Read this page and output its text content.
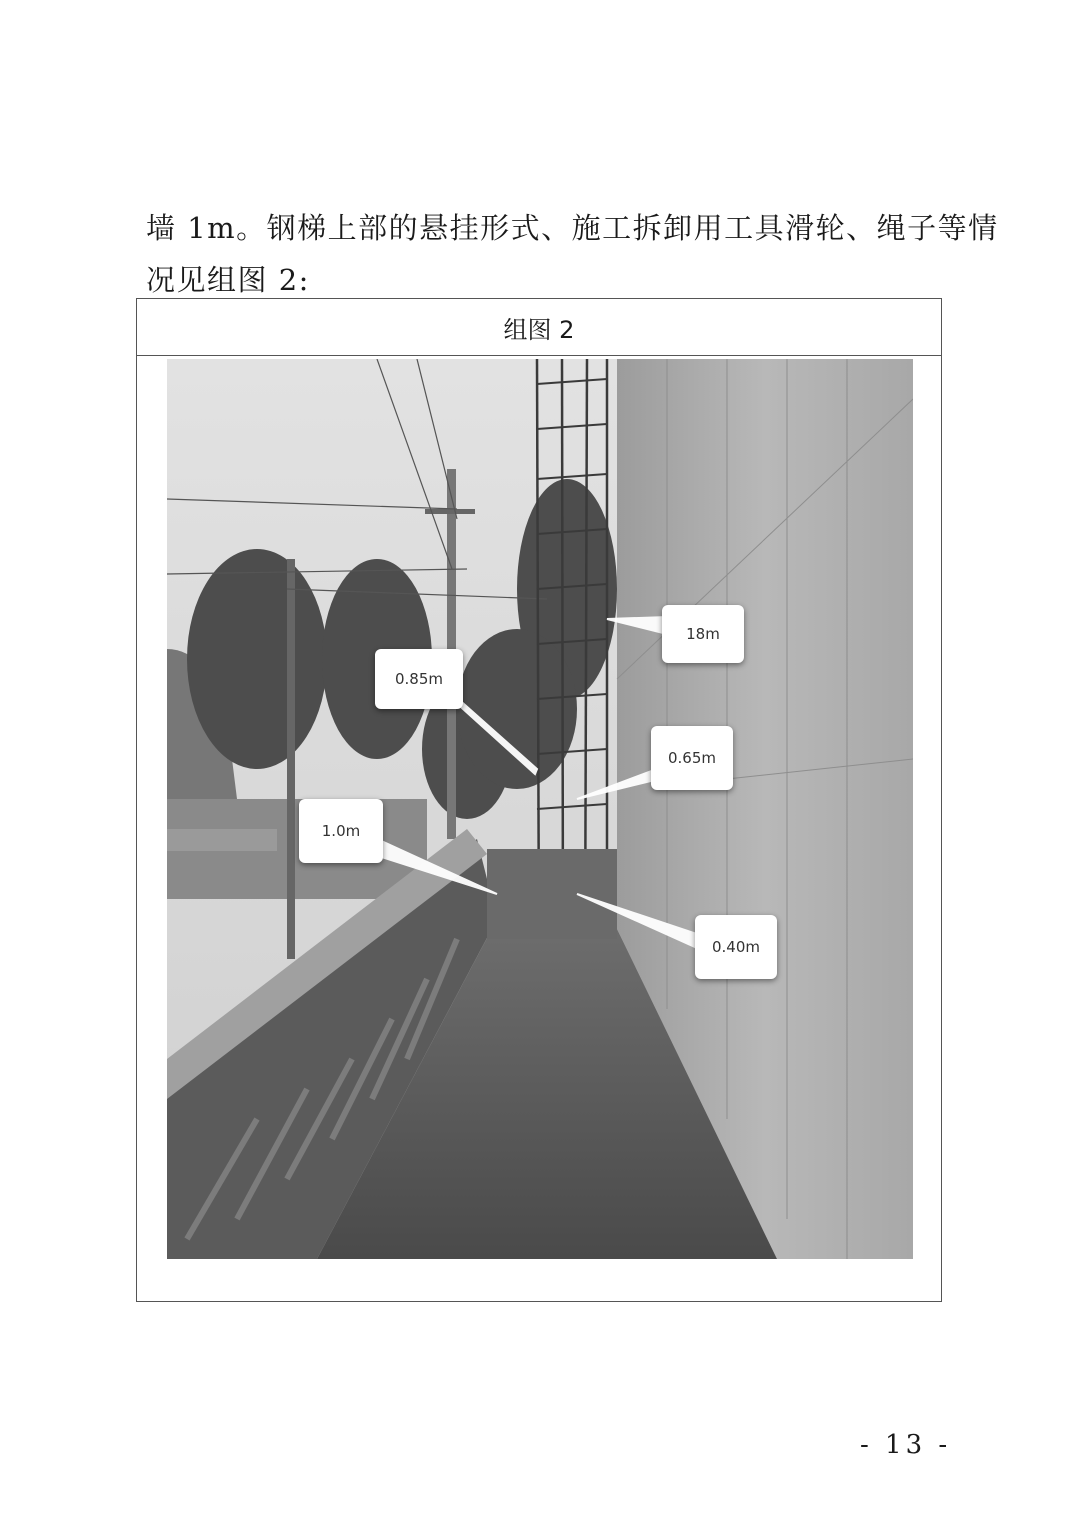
墙 1m。钢梯上部的悬挂形式、施工拆卸用工具滑轮、绳子等情
况见组图 2:
组图 2
18m
0.85m
0.65m
1.0m
0.40m
- 13 -
